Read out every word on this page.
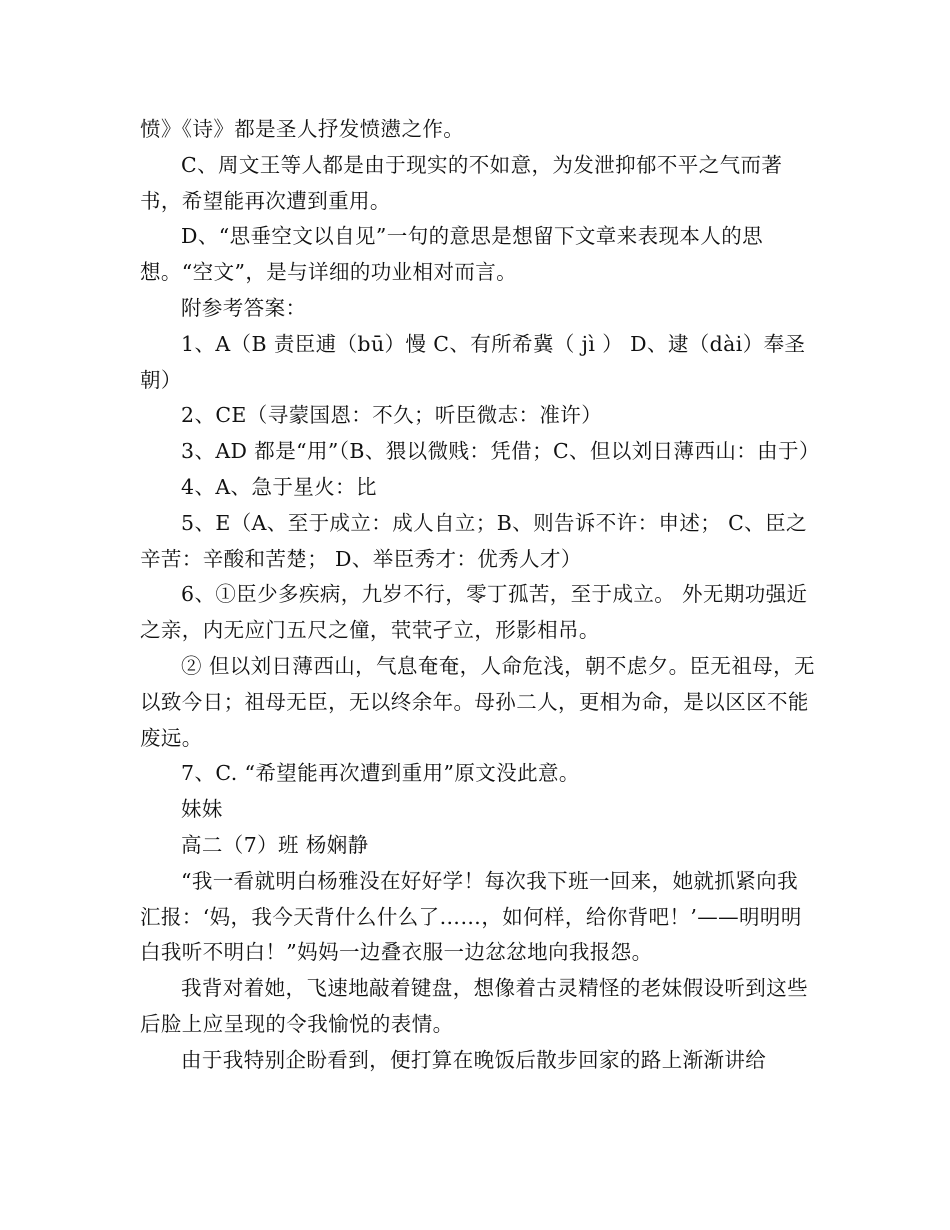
愤》《诗》都是圣人抒发愤懑之作。

C、周文王等人都是由于现实的不如意，为发泄抑郁不平之气而著书，希望能再次遭到重用。

D、“思垂空文以自见”一句的意思是想留下文章来表现本人的思想。“空文”，是与详细的功业相对而言。

附参考答案：

1、A（B 责臣逋（bū）慢 C、有所希冀（ jì ） D、逮（dài）奉圣朝）

2、CE（寻蒙国恩：不久；听臣微志：准许）

3、AD 都是“用”（B、猥以微贱：凭借；C、但以刘日薄西山：由于）

4、A、急于星火：比

5、E（A、至于成立：成人自立；B、则告诉不许：申述； C、臣之辛苦：辛酸和苦楚； D、举臣秀才：优秀人才）

6、①臣少多疾病，九岁不行，零丁孤苦，至于成立。 外无期功强近之亲，内无应门五尺之僮，茕茕孑立，形影相吊。

② 但以刘日薄西山，气息奄奄，人命危浅，朝不虑夕。臣无祖母，无以致今日；祖母无臣，无以终余年。母孙二人，更相为命，是以区区不能废远。

7、C. “希望能再次遭到重用”原文没此意。

妹妹

高二（7）班 杨娴静

“我一看就明白杨雅没在好好学！每次我下班一回来，她就抓紧向我汇报：‘妈，我今天背什么什么了……，如何样，给你背吧！’——明明明白我听不明白！”妈妈一边叠衣服一边忿忿地向我报怨。

我背对着她，飞速地敲着键盘，想像着古灵精怪的老妹假设听到这些后脸上应呈现的令我愉悦的表情。

由于我特别企盼看到，便打算在晚饭后散步回家的路上渐渐讲给
